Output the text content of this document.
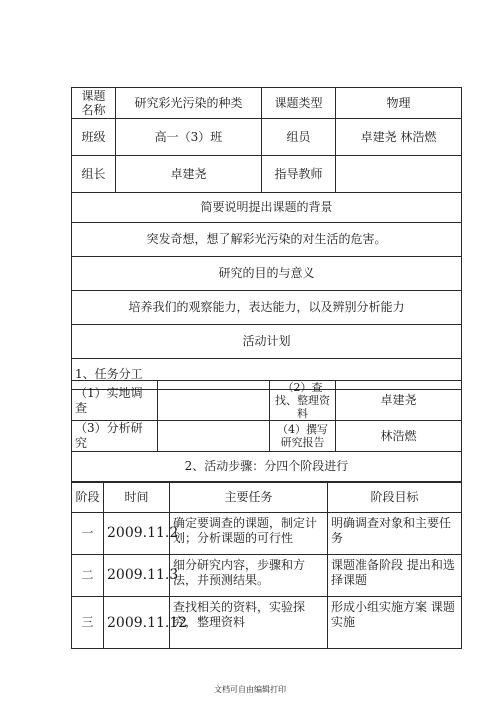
课题名称	研究彩光污染的种类	课题类型	物理
班级	高一（3）班	组员	卓建尧 林浩燃
组长	卓建尧	指导教师	
简要说明提出课题的背景			
突发奇想，想了解彩光污染的对生活的危害。			
研究的目的与意义			
培养我们的观察能力，表达能力，以及辨别分析能力			
活动计划			
1、任务分工			
（1）实地调查		（2）查找、整理资料	卓建尧
（3）分析研究		（4）撰写研究报告	林浩燃
2、活动步骤：分四个阶段进行			
阶段	时间	主要任务	阶段目标
一	2009.11.2	确定要调查的课题，制定计划；分析课题的可行性	明确调查对象和主要任务
二	2009.11.3	细分研究内容，步骤和方法，并预测结果。	课题准备阶段 提出和选择课题
三	2009.11.12	查找相关的资料，实验探究，整理资料	形成小组实施方案 课题实施
文档可自由编辑打印
